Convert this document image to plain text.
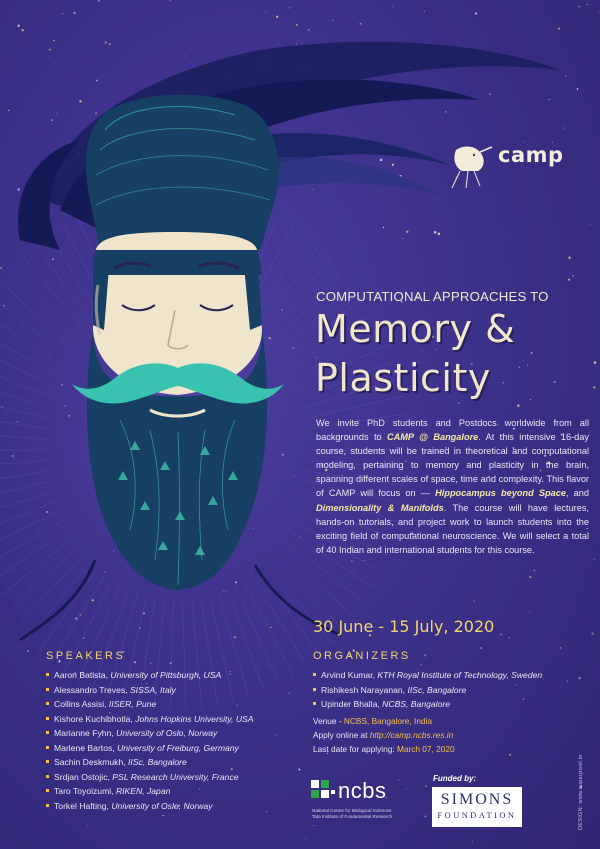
camp
COMPUTATIONAL APPROACHES TO
Memory &
Plasticity

We invite PhD students and Postdocs worldwide from all backgrounds to CAMP @ Bangalore. At this intensive 16-day course, students will be trained in theoretical and computational modeling, pertaining to memory and plasticity in the brain, spanning different scales of space, time and complexity. This flavor of CAMP will focus on — Hippocampus beyond Space, and Dimensionality & Manifolds. The course will have lectures, hands-on tutorials, and project work to launch students into the exciting field of computational neuroscience. We will select a total of 40 Indian and international students for this course.

30 June - 15 July, 2020
SPEAKERS
Aaron Batista, University of Pittsburgh, USA
Alessandro Treves, SISSA, Italy
Collins Assisi, IISER, Pune
Kishore Kuchibhotla, Johns Hopkins University, USA
Marianne Fyhn, University of Oslo, Norway
Marlene Bartos, University of Freiburg, Germany
Sachin Deskmukh, IISc, Bangalore
Srdjan Ostojic, PSL Research University, France
Taro Toyoizumi, RIKEN, Japan
Torkel Hafting, University of Oslo, Norway
ORGANIZERS
Arvind Kumar, KTH Royal Institute of Technology, Sweden
Rishikesh Narayanan, IISc, Bangalore
Upinder Bhalla, NCBS, Bangalore
Venue - NCBS, Bangalore, India
Apply online at http://camp.ncbs.res.in
Last date for applying: March 07, 2020
ncbs
National Centre for Biological Sciences
Tata Institute of Fundamental Research
Funded by:
SIMONS
FOUNDATION	DESIGN: www.superpixel.in
